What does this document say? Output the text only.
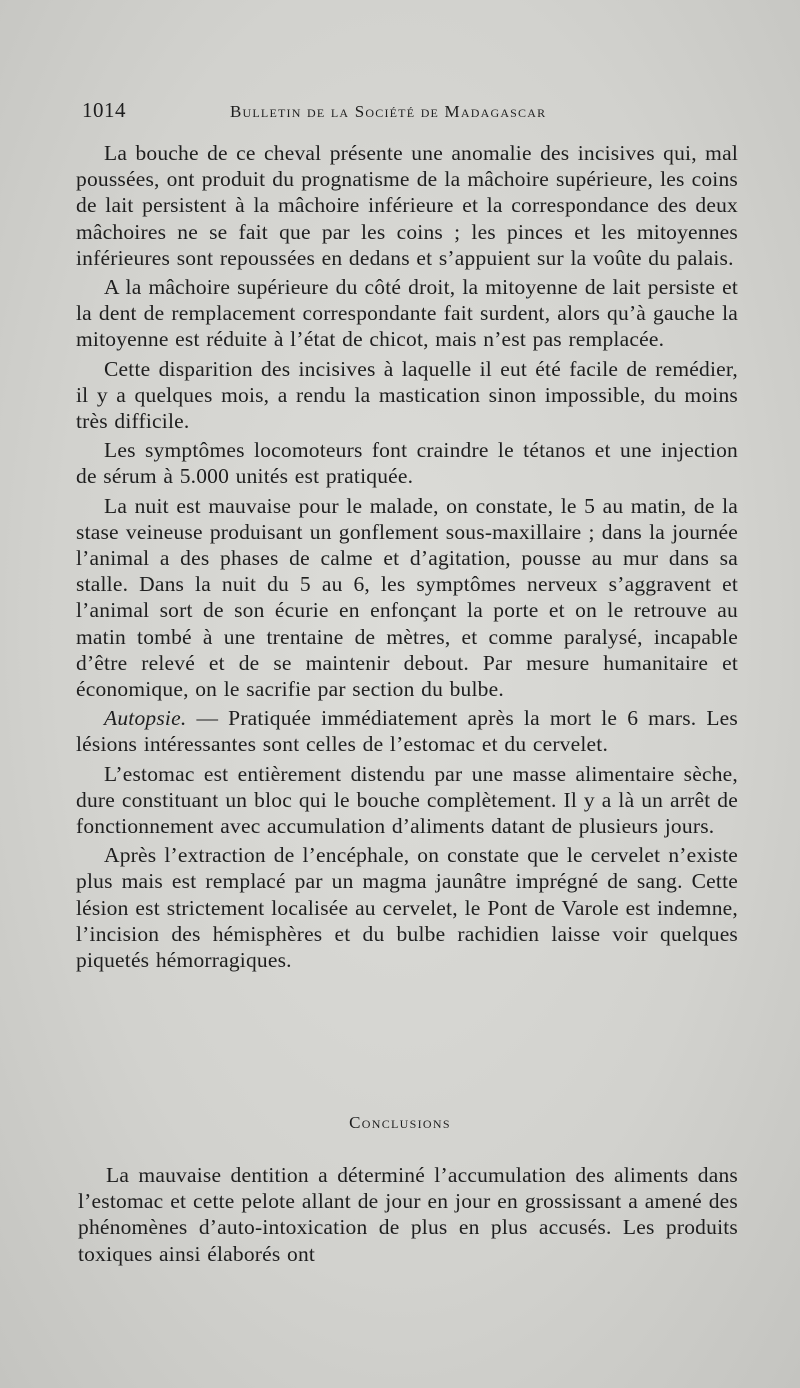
1014	Bulletin de la Société de Madagascar

La bouche de ce cheval présente une anomalie des incisives qui, mal poussées, ont produit du prognatisme de la mâchoire supérieure, les coins de lait persistent à la mâchoire inférieure et la correspondance des deux mâchoires ne se fait que par les coins ; les pinces et les mitoyennes inférieures sont repoussées en dedans et s’appuient sur la voûte du palais.

A la mâchoire supérieure du côté droit, la mitoyenne de lait persiste et la dent de remplacement correspondante fait surdent, alors qu’à gauche la mitoyenne est réduite à l’état de chicot, mais n’est pas remplacée.

Cette disparition des incisives à laquelle il eut été facile de remédier, il y a quelques mois, a rendu la mastication sinon impossible, du moins très difficile.

Les symptômes locomoteurs font craindre le tétanos et une injection de sérum à 5.000 unités est pratiquée.

La nuit est mauvaise pour le malade, on constate, le 5 au matin, de la stase veineuse produisant un gonflement sous-maxillaire ; dans la journée l’animal a des phases de calme et d’agitation, pousse au mur dans sa stalle. Dans la nuit du 5 au 6, les symptômes nerveux s’aggravent et l’animal sort de son écurie en enfonçant la porte et on le retrouve au matin tombé à une trentaine de mètres, et comme paralysé, incapable d’être relevé et de se maintenir debout. Par mesure humanitaire et économique, on le sacrifie par section du bulbe.

Autopsie. — Pratiquée immédiatement après la mort le 6 mars. Les lésions intéressantes sont celles de l’estomac et du cervelet.

L’estomac est entièrement distendu par une masse alimentaire sèche, dure constituant un bloc qui le bouche complètement. Il y a là un arrêt de fonctionnement avec accumulation d’aliments datant de plusieurs jours.

Après l’extraction de l’encéphale, on constate que le cervelet n’existe plus mais est remplacé par un magma jaunâtre imprégné de sang. Cette lésion est strictement localisée au cervelet, le Pont de Varole est indemne, l’incision des hémisphères et du bulbe rachidien laisse voir quelques piquetés hémorragiques.

Conclusions

La mauvaise dentition a déterminé l’accumulation des aliments dans l’estomac et cette pelote allant de jour en jour en grossissant a amené des phénomènes d’auto-intoxication de plus en plus accusés. Les produits toxiques ainsi élaborés ont
